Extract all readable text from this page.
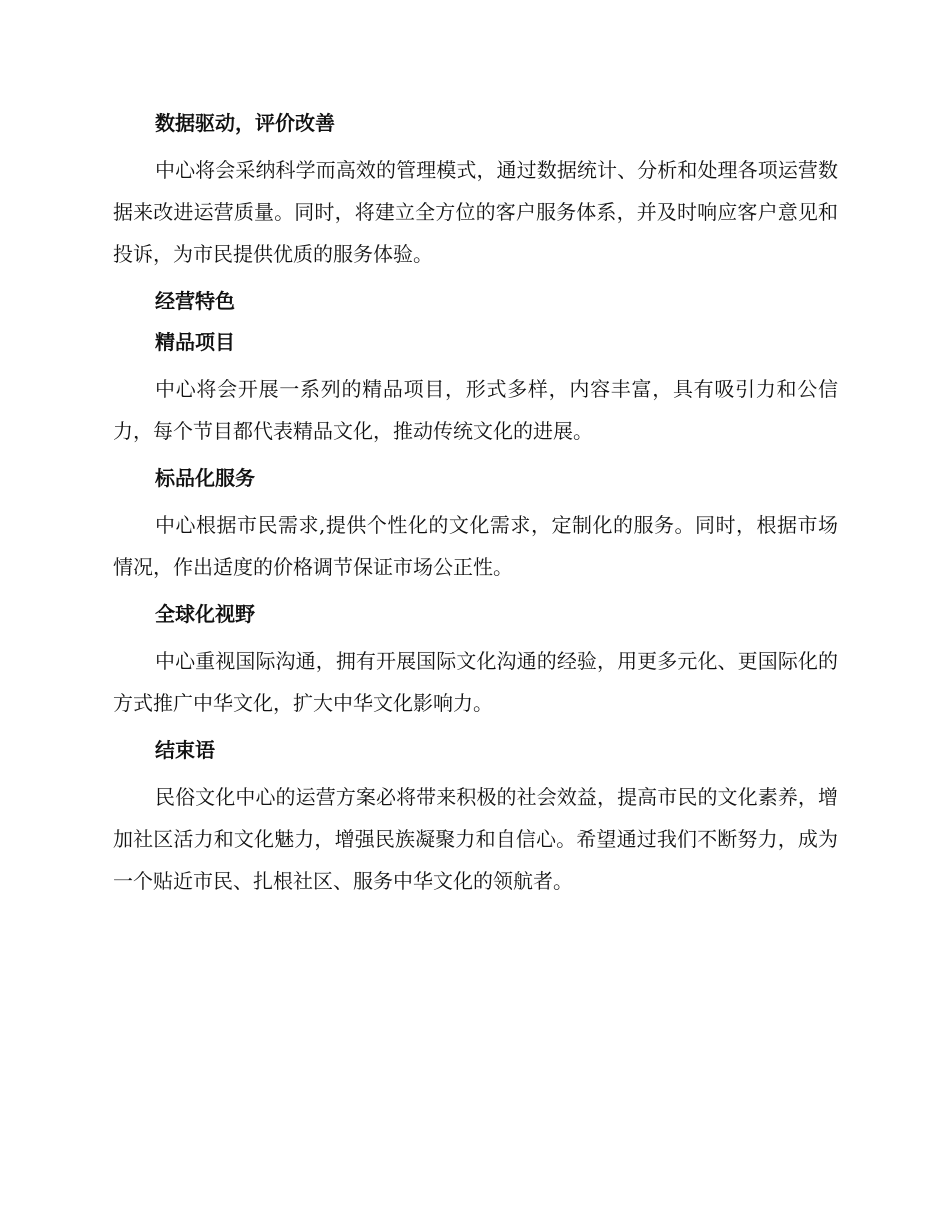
数据驱动，评价改善

中心将会采纳科学而高效的管理模式，通过数据统计、分析和处理各项运营数据来改进运营质量。同时，将建立全方位的客户服务体系，并及时响应客户意见和投诉，为市民提供优质的服务体验。

经营特色
精品项目

中心将会开展一系列的精品项目，形式多样，内容丰富，具有吸引力和公信力，每个节目都代表精品文化，推动传统文化的进展。

标品化服务

中心根据市民需求,提供个性化的文化需求，定制化的服务。同时，根据市场情况，作出适度的价格调节保证市场公正性。

全球化视野

中心重视国际沟通，拥有开展国际文化沟通的经验，用更多元化、更国际化的方式推广中华文化，扩大中华文化影响力。

结束语

民俗文化中心的运营方案必将带来积极的社会效益，提高市民的文化素养，增加社区活力和文化魅力，增强民族凝聚力和自信心。希望通过我们不断努力，成为一个贴近市民、扎根社区、服务中华文化的领航者。
